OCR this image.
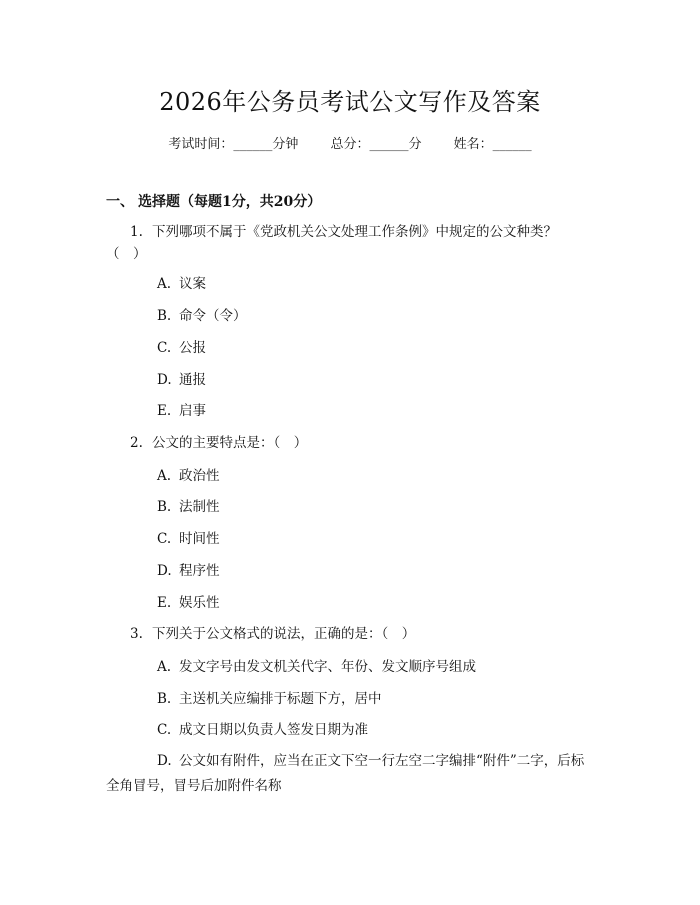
2026年公务员考试公文写作及答案
考试时间：______分钟 总分：______分 姓名：______
一、 选择题（每题1分，共20分）
1. 下列哪项不属于《党政机关公文处理工作条例》中规定的公文种类？
（　）
A. 议案
B. 命令（令）
C. 公报
D. 通报
E. 启事
2. 公文的主要特点是：（　）
A. 政治性
B. 法制性
C. 时间性
D. 程序性
E. 娱乐性
3. 下列关于公文格式的说法，正确的是：（　）
A. 发文字号由发文机关代字、年份、发文顺序号组成
B. 主送机关应编排于标题下方，居中
C. 成文日期以负责人签发日期为准
D. 公文如有附件，应当在正文下空一行左空二字编排“附件”二字，后标全角冒号，冒号后加附件名称
